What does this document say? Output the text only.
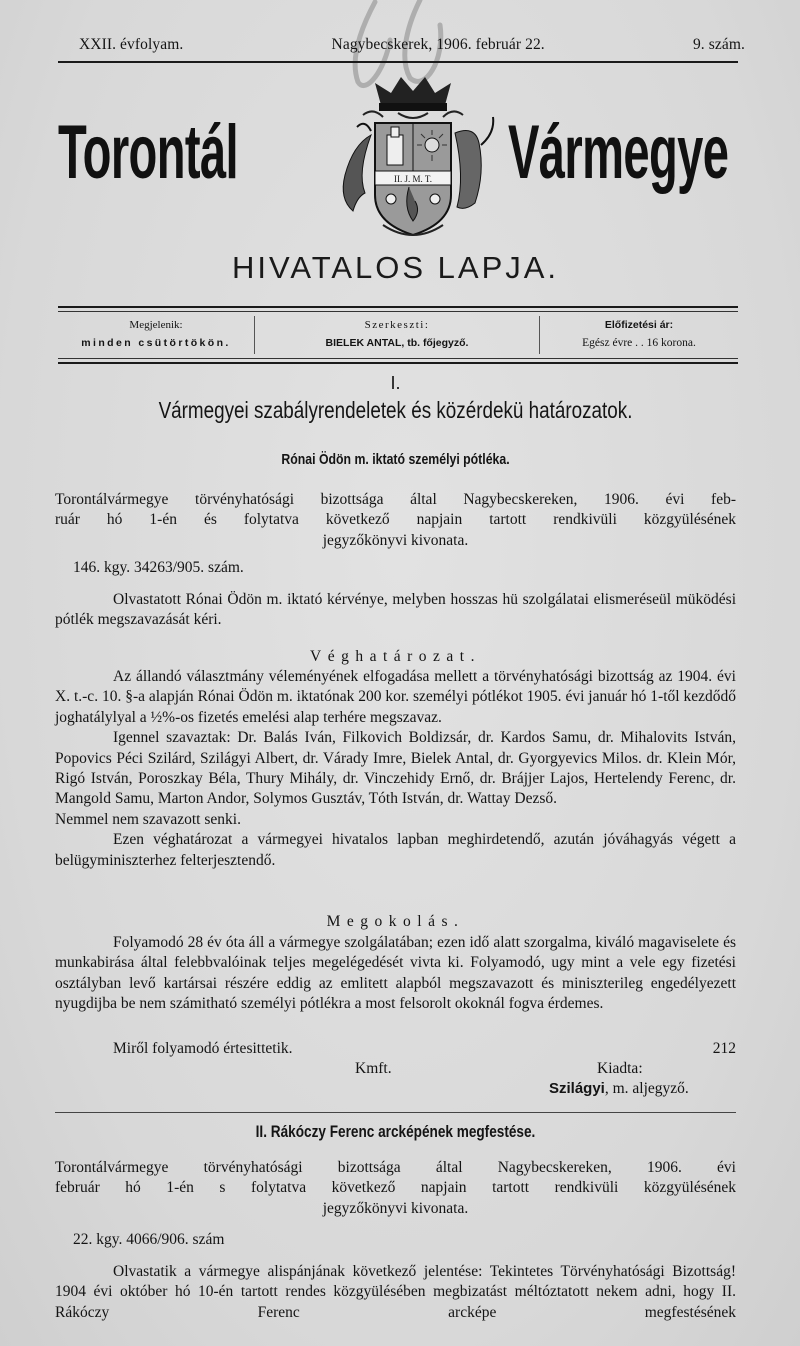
XXII. évfolyam.	Nagybecskerek, 1906. február 22.	9. szám.
Torontál	II. J. M. T. Vármegye
HIVATALOS LAPJA.
Megjelenik:
minden csütörtökön.
Szerkeszti:
BIELEK ANTAL, tb. főjegyző.
Előfizetési ár:
Egész évre . . 16 korona.
I.
Vármegyei szabályrendeletek és közérdekü határozatok.
Rónai Ödön m. iktató személyi pótléka.

Torontálvármegye törvényhatósági bizottsága által Nagybecskereken, 1906. évi feb-

ruár hó 1-én és folytatva következő napjain tartott rendkivüli közgyülésének

jegyzőkönyvi kivonata.

146. kgy. 34263/905. szám.

Olvastatott Rónai Ödön m. iktató kérvénye, melyben hosszas hü szolgálatai elismeréseül müködési pótlék megszavazását kéri.

Véghatározat.

Az állandó választmány véleményének elfogadása mellett a törvényhatósági bizottság az 1904. évi X. t.-c. 10. §-a alapján Rónai Ödön m. iktatónak 200 kor. személyi pótlékot 1905. évi január hó 1-től kezdődő joghatálylyal a ½%-os fizetés emelési alap terhére megszavaz.

Igennel szavaztak: Dr. Balás Iván, Filkovich Boldizsár, dr. Kardos Samu, dr. Mihalovits István, Popovics Péci Szilárd, Szilágyi Albert, dr. Várady Imre, Bielek Antal, dr. Gyorgyevics Milos. dr. Klein Mór, Rigó István, Poroszkay Béla, Thury Mihály, dr. Vinczehidy Ernő, dr. Brájjer Lajos, Hertelendy Ferenc, dr. Mangold Samu, Marton Andor, Solymos Gusztáv, Tóth István, dr. Wattay Dezső.

Nemmel nem szavazott senki.

Ezen véghatározat a vármegyei hivatalos lapban meghirdetendő, azután jóváhagyás végett a belügyminiszterhez felterjesztendő.

Megokolás.

Folyamodó 28 év óta áll a vármegye szolgálatában; ezen idő alatt szorgalma, kiváló magaviselete és munkabirása által felebbvalóinak teljes megelégedését vivta ki. Folyamodó, ugy mint a vele egy fizetési osztályban levő kartársai részére eddig az emlitett alapból megszavazott és miniszterileg engedélyezett nyugdijba be nem számitható személyi pótlékra a most felsorolt okoknál fogva érdemes.

Miről folyamodó értesittetik.	212
Kmft.	Kiadta:
Szilágyi, m. aljegyző.
II. Rákóczy Ferenc arcképének megfestése.

Torontálvármegye törvényhatósági bizottsága által Nagybecskereken, 1906. évi

február hó 1-én s folytatva következő napjain tartott rendkivüli közgyülésének

jegyzőkönyvi kivonata.

22. kgy. 4066/906. szám

Olvastatik a vármegye alispánjának következő jelentése: Tekintetes Törvényhatósági Bizottság! 1904 évi október hó 10-én tartott rendes közgyülésében megbizatást méltóztatott nekem adni, hogy II. Rákóczy Ferenc arcképe megfestésének
